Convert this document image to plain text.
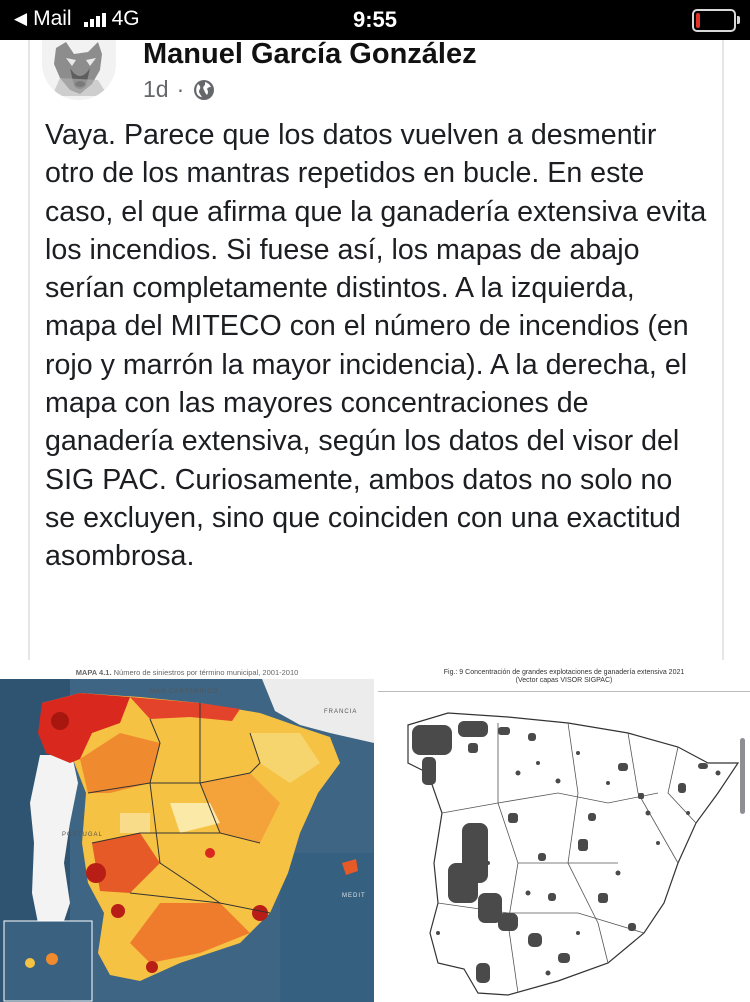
◀ Mail 4G	9:55
Manuel García González
1d ·

Vaya. Parece que los datos vuelven a desmentir otro de los mantras repetidos en bucle. En este caso, el que afirma que la ganadería extensiva evita los incendios. Si fuese así, los mapas de abajo serían completamente distintos. A la izquierda, mapa del MITECO con el número de incendios (en rojo y marrón la mayor incidencia). A la derecha, el mapa con las mayores concentraciones de ganadería extensiva, según los datos del visor del SIG PAC. Curiosamente, ambos datos no solo no se excluyen, sino que coinciden con una exactitud asombrosa.

MAPA 4.1. Número de siniestros por término municipal, 2001-2010
MAR CANTÁBRICO
FRANCIA
PORTUGAL
MEDIT
Fig.: 9 Concentración de grandes explotaciones de ganadería extensiva 2021
(Vector capas VISOR SIGPAC)
